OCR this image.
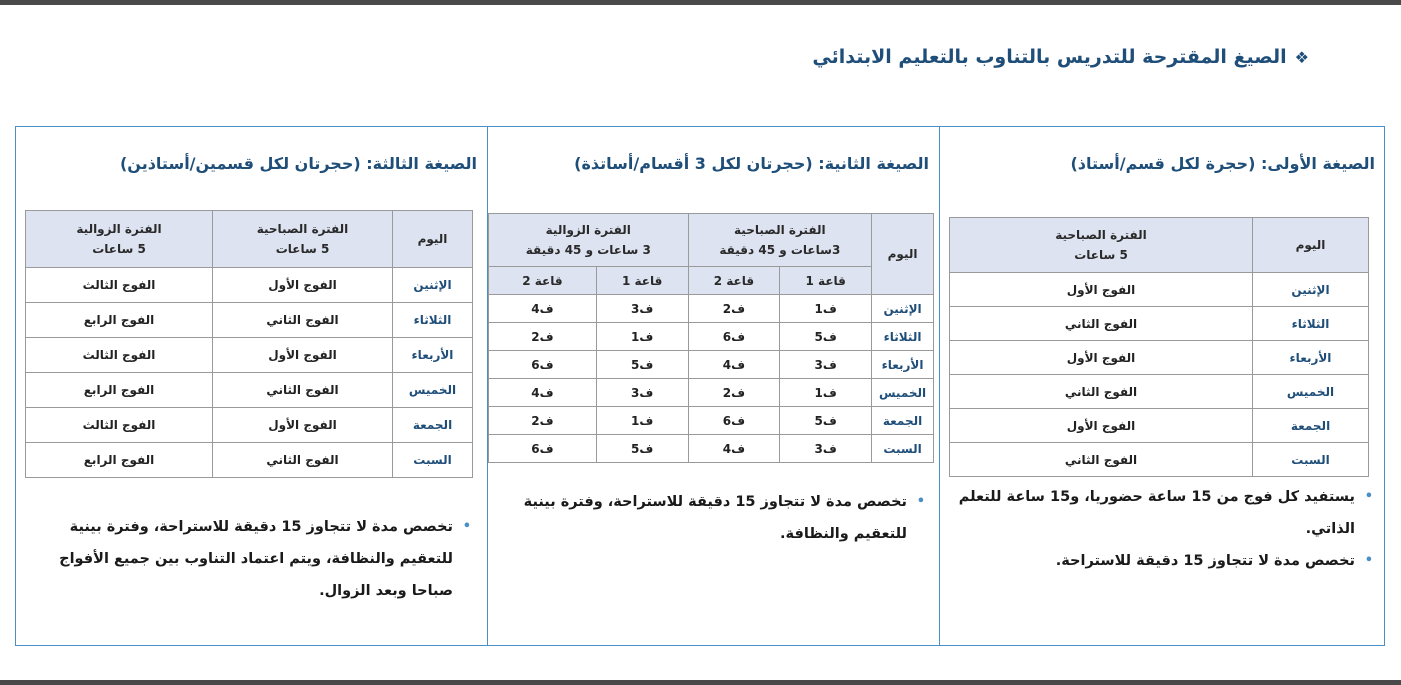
❖الصيغ المقترحة للتدريس بالتناوب بالتعليم الابتدائي
الصيغة الأولى: (حجرة لكل قسم/أستاذ)
اليوم	الفترة الصباحية
5 ساعات

الإثنين	الفوج الأول
الثلاثاء	الفوج الثاني
الأربعاء	الفوج الأول
الخميس	الفوج الثاني
الجمعة	الفوج الأول
السبت	الفوج الثاني
•
يستفيد كل فوج من 15 ساعة حضوريا، و15 ساعة للتعلم الذاتي.
•
تخصص مدة لا تتجاوز 15 دقيقة للاستراحة.
الصيغة الثانية: (حجرتان لكل 3 أقسام/أساتذة)
اليوم	الفترة الصباحية
3ساعات و 45 دقيقة		الفترة الزوالية
3 ساعات و 45 دقيقة	

	قاعة 1	قاعة 2	قاعة 1	قاعة 2
الإثنين	ف1	ف2	ف3	ف4
الثلاثاء	ف5	ف6	ف1	ف2
الأربعاء	ف3	ف4	ف5	ف6
الخميس	ف1	ف2	ف3	ف4
الجمعة	ف5	ف6	ف1	ف2
السبت	ف3	ف4	ف5	ف6
•
تخصص مدة لا تتجاوز 15 دقيقة للاستراحة، وفترة بينية للتعقيم والنظافة.
الصيغة الثالثة: (حجرتان لكل قسمين/أستاذين)
اليوم	الفترة الصباحية
5 ساعات	الفترة الزوالية
5 ساعات

الإثنين	الفوج الأول	الفوج الثالث
الثلاثاء	الفوج الثاني	الفوج الرابع
الأربعاء	الفوج الأول	الفوج الثالث
الخميس	الفوج الثاني	الفوج الرابع
الجمعة	الفوج الأول	الفوج الثالث
السبت	الفوج الثاني	الفوج الرابع
•
تخصص مدة لا تتجاوز 15 دقيقة للاستراحة، وفترة بينية للتعقيم والنظافة، ويتم اعتماد التناوب بين جميع الأفواج صباحا وبعد الزوال.
